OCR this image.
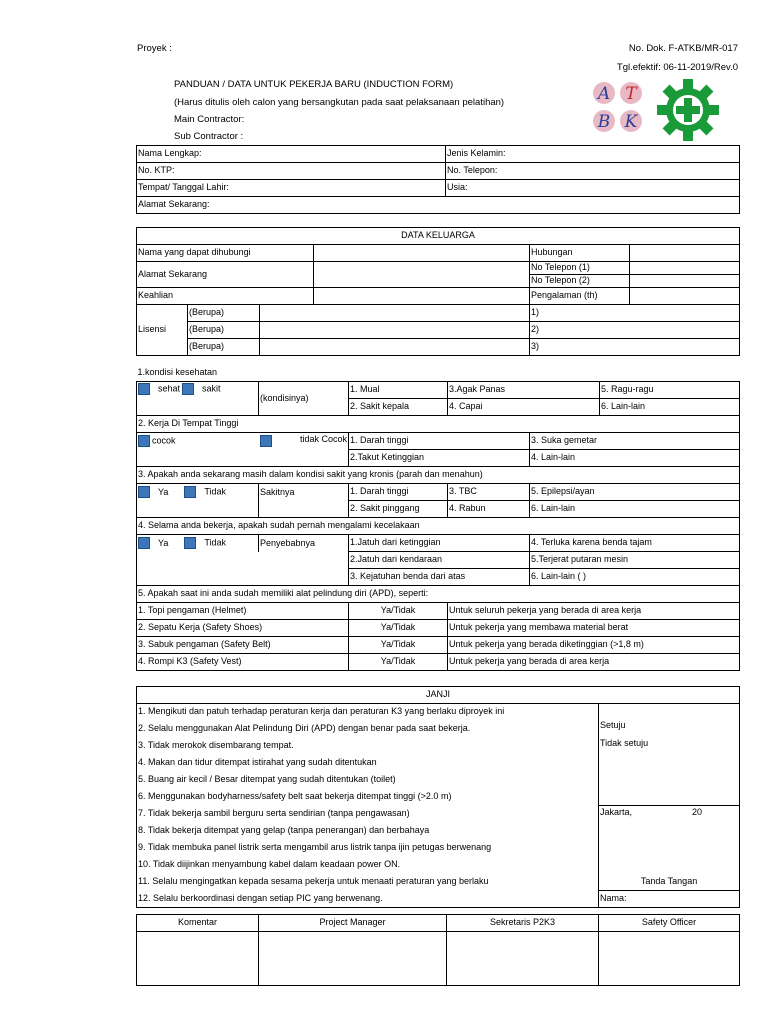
Proyek :	No. Dok. F-ATKB/MR-017
Tgl.efektif: 06-11-2019/Rev.0
PANDUAN / DATA UNTUK PEKERJA BARU (INDUCTION FORM)
(Harus ditulis oleh calon yang bersangkutan pada saat pelaksanaan pelatihan)
Main Contractor:
Sub Contractor :
A T
B K
Nama Lengkap:	Jenis Kelamin:
No. KTP:	No. Telepon:
Tempat/ Tanggal Lahir:	Usia:
Alamat Sekarang:	
DATA KELUARGA					
Nama yang dapat dihubungi				Hubungan	
Alamat Sekarang				No Telepon (1)	
				No Telepon (2)	
Keahlian				Pengalaman (th)	
Lisensi	(Berupa)			1)	
	(Berupa)			2)	
	(Berupa)			3)	
1.kondisi kesehatan					
sehat sakit	(kondisinya)	1. Mual	3.Agak Panas		5. Ragu-ragu
		2. Sakit kepala	4. Capai		6. Lain-lain
2. Kerja Di Tempat Tinggi					
cocok	tidak Cocok	1. Darah tinggi		3. Suka gemetar	
		2.Takut Ketinggian		4. Lain-lain	
3. Apakah anda sekarang masih dalam kondisi sakit yang kronis (parah dan menahun)					
Ya Tidak	Sakitnya	1. Darah tinggi	3. TBC	5. Epilepsi/ayan	
		2. Sakit pinggang	4. Rabun	6. Lain-lain	
4. Selama anda bekerja, apakah sudah pernah mengalami kecelakaan					
Ya Tidak	Penyebabnya	1.Jatuh dari ketinggian		4. Terluka karena benda tajam	
		2.Jatuh dari kendaraan		5.Terjerat putaran mesin	
		3. Kejatuhan benda dari atas		6. Lain-lain ( )	
5. Apakah saat ini anda sudah memiliki alat pelindung diri (APD), seperti:					
1. Topi pengaman (Helmet)		Ya/Tidak	Untuk seluruh pekerja yang berada di area kerja		
2. Sepatu Kerja (Safety Shoes)		Ya/Tidak	Untuk pekerja yang membawa material berat		
3. Sabuk pengaman (Safety Belt)		Ya/Tidak	Untuk pekerja yang berada diketinggian (>1,8 m)		
4. Rompi K3 (Safety Vest)		Ya/Tidak	Untuk pekerja yang berada di area kerja		
JANJI	
1. Mengikuti dan patuh terhadap peraturan kerja dan peraturan K3 yang berlaku diproyek ini	Setuju
Tidak setuju

2. Selalu menggunakan Alat Pelindung Diri (APD) dengan benar pada saat bekerja.	
3. Tidak merokok disembarang tempat.	
4. Makan dan tidur ditempat istirahat yang sudah ditentukan	
5. Buang air kecil / Besar ditempat yang sudah ditentukan (toilet)	
6. Menggunakan bodyharness/safety belt saat bekerja ditempat tinggi (>2.0 m)	
7. Tidak bekerja sambil berguru serta sendirian (tanpa pengawasan)	Jakarta, 20
Tanda Tangan

8. Tidak bekerja ditempat yang gelap (tanpa penerangan) dan berbahaya	
9. Tidak membuka panel listrik serta mengambil arus listrik tanpa ijin petugas berwenang	
10. Tidak diijinkan menyambung kabel dalam keadaan power ON.	
11. Selalu mengingatkan kepada sesama pekerja untuk menaati peraturan yang berlaku	
12. Selalu berkoordinasi dengan setiap PIC yang berwenang.	Nama:
Komentar	Project Manager	Sekretaris P2K3	Safety Officer
